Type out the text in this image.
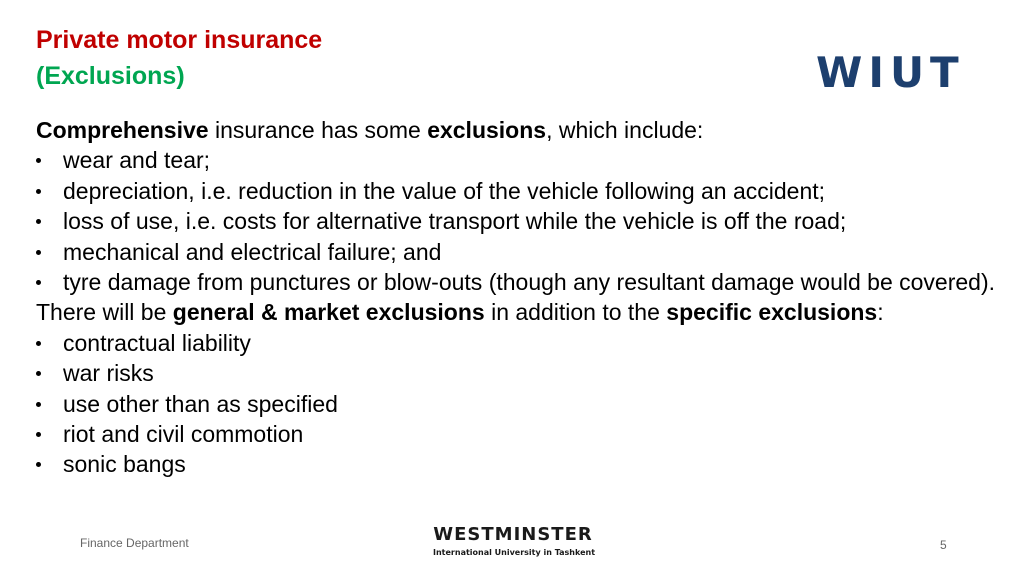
Private motor insurance
(Exclusions)	WIUT

Comprehensive insurance has some exclusions, which include:

wear and tear;
depreciation, i.e. reduction in the value of the vehicle following an accident;
loss of use, i.e. costs for alternative transport while the vehicle is off the road;
mechanical and electrical failure; and
tyre damage from punctures or blow-outs (though any resultant damage would be covered).

There will be general & market exclusions in addition to the specific exclusions:

contractual liability
war risks
use other than as specified
riot and civil commotion
sonic bangs
Finance Department	WESTMINSTER
International University in Tashkent
5
